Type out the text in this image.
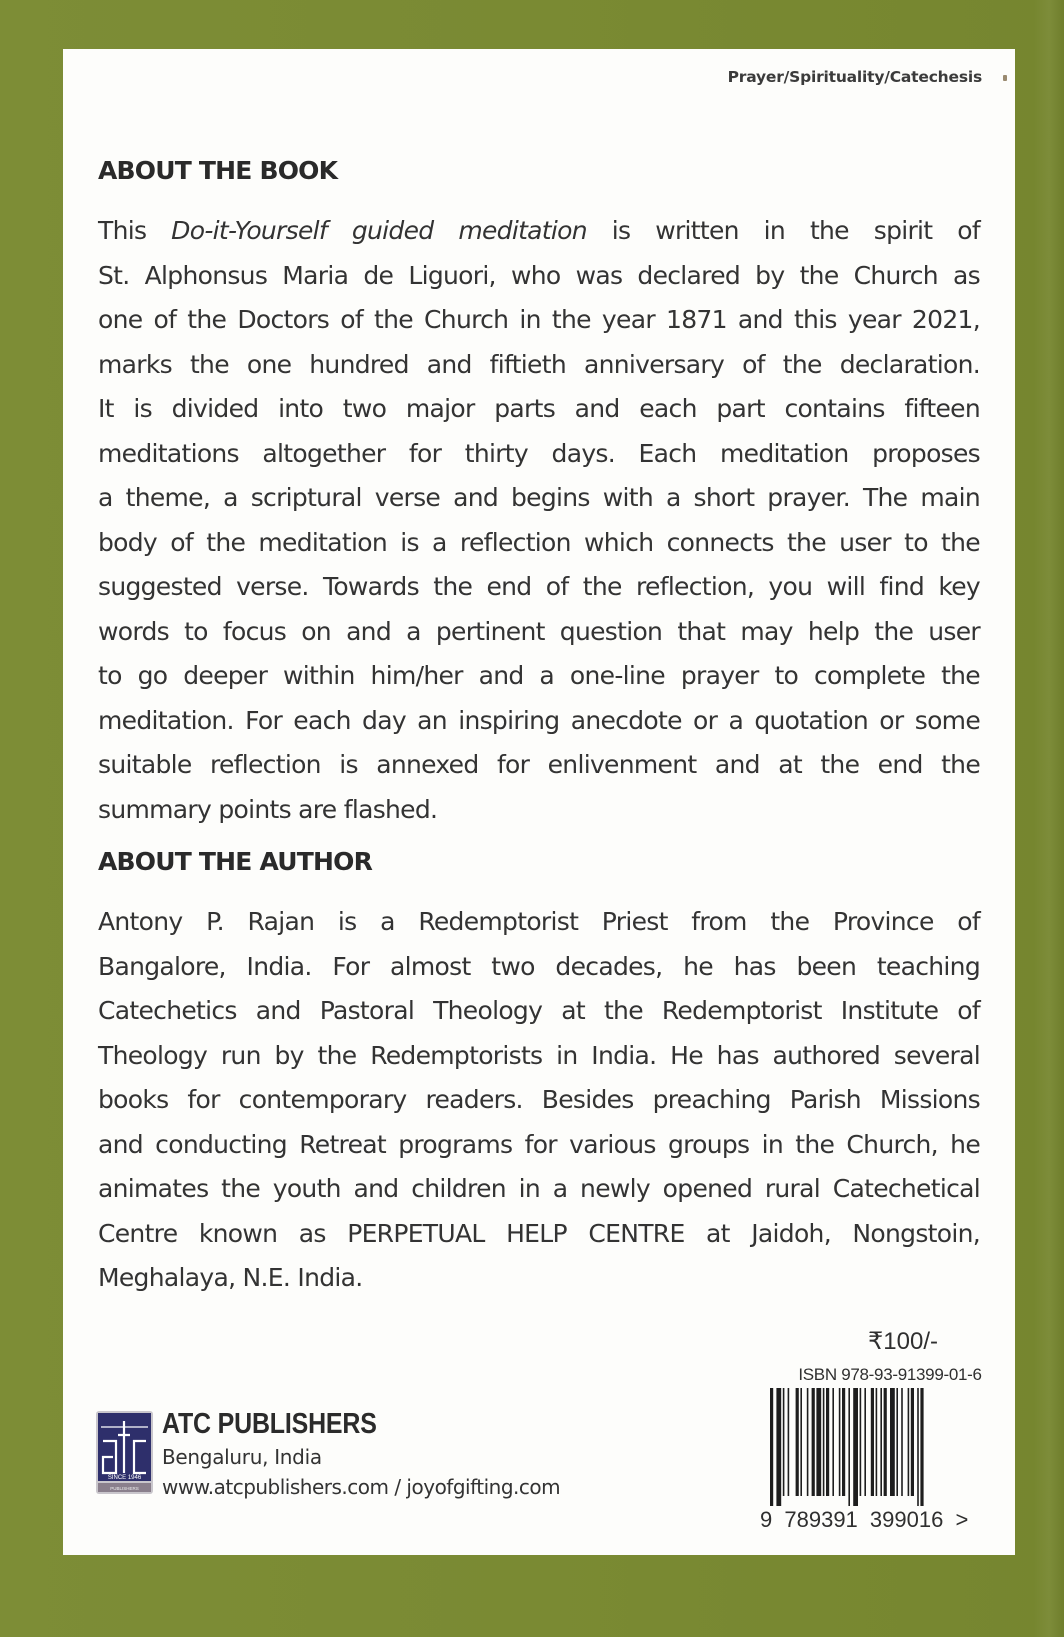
Prayer/Spirituality/Catechesis
ABOUT THE BOOK
This Do-it-Yourself guided meditation is written in the spirit of
St. Alphonsus Maria de Liguori, who was declared by the Church as
one of the Doctors of the Church in the year 1871 and this year 2021,
marks the one hundred and fiftieth anniversary of the declaration.
It is divided into two major parts and each part contains fifteen
meditations altogether for thirty days. Each meditation proposes
a theme, a scriptural verse and begins with a short prayer. The main
body of the meditation is a reflection which connects the user to the
suggested verse. Towards the end of the reflection, you will find key
words to focus on and a pertinent question that may help the user
to go deeper within him/her and a one-line prayer to complete the
meditation. For each day an inspiring anecdote or a quotation or some
suitable reflection is annexed for enlivenment and at the end the
summary points are flashed.
ABOUT THE AUTHOR
Antony P. Rajan is a Redemptorist Priest from the Province of
Bangalore, India. For almost two decades, he has been teaching
Catechetics and Pastoral Theology at the Redemptorist Institute of
Theology run by the Redemptorists in India. He has authored several
books for contemporary readers. Besides preaching Parish Missions
and conducting Retreat programs for various groups in the Church, he
animates the youth and children in a newly opened rural Catechetical
Centre known as PERPETUAL HELP CENTRE at Jaidoh, Nongstoin,
Meghalaya, N.E. India.
₹100/-
ISBN 978-93-91399-01-6
9 789391 399016 >
SINCE 1946
PUBLISHERS
ATC PUBLISHERS
Bengaluru, India
www.atcpublishers.com / joyofgifting.com
